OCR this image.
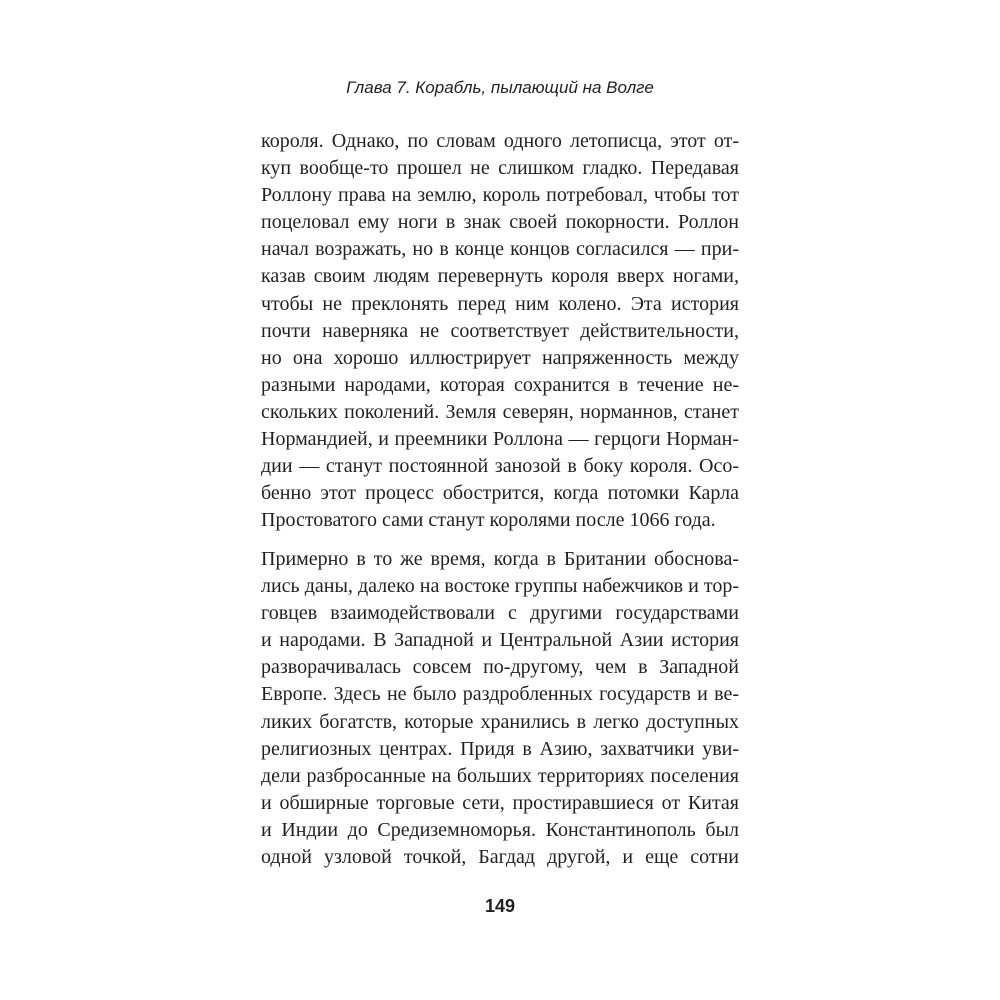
Глава 7. Корабль, пылающий на Волге
короля. Однако, по словам одного летописца, этот от-
куп вообще-то прошел не слишком гладко. Передавая
Роллону права на землю, король потребовал, чтобы тот
поцеловал ему ноги в знак своей покорности. Роллон
начал возражать, но в конце концов согласился — при-
казав своим людям перевернуть короля вверх ногами,
чтобы не преклонять перед ним колено. Эта история
почти наверняка не соответствует действительности,
но она хорошо иллюстрирует напряженность между
разными народами, которая сохранится в течение не-
скольких поколений. Земля северян, норманнов, станет
Нормандией, и преемники Роллона — герцоги Норман-
дии — станут постоянной занозой в боку короля. Осо-
бенно этот процесс обострится, когда потомки Карла
Простоватого сами станут королями после 1066 года.
Примерно в то же время, когда в Британии обоснова-
лись даны, далеко на востоке группы набежчиков и тор-
говцев взаимодействовали с другими государствами
и народами. В Западной и Центральной Азии история
разворачивалась совсем по-другому, чем в Западной
Европе. Здесь не было раздробленных государств и ве-
ликих богатств, которые хранились в легко доступных
религиозных центрах. Придя в Азию, захватчики уви-
дели разбросанные на больших территориях поселения
и обширные торговые сети, простиравшиеся от Китая
и Индии до Средиземноморья. Константинополь был
одной узловой точкой, Багдад другой, и еще сотни
149
